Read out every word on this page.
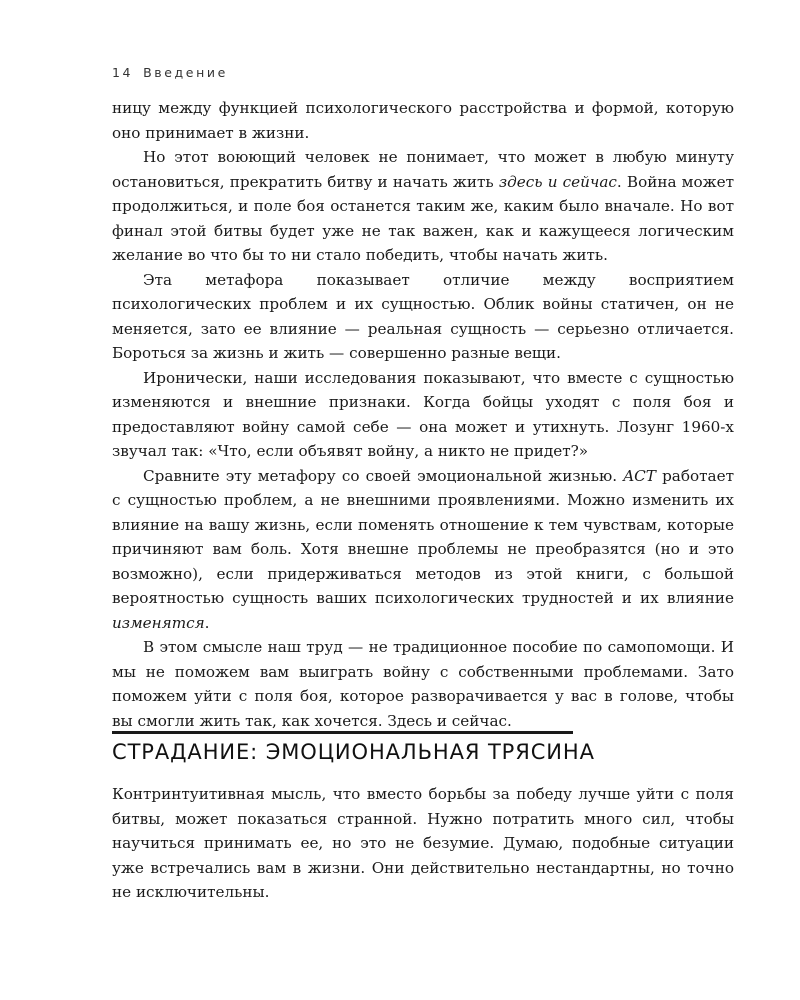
14 Введение

ницу между функцией психологического расстройства и формой, которую оно принимает в жизни.

Но этот воюющий человек не понимает, что может в любую минуту остановиться, прекратить битву и начать жить здесь и сейчас. Война может продолжиться, и поле боя останется таким же, каким было вначале. Но вот финал этой битвы будет уже не так важен, как и кажущееся логическим желание во что бы то ни стало победить, чтобы начать жить.

Эта метафора показывает отличие между восприятием психологических проблем и их сущностью. Облик войны статичен, он не меняется, зато ее влияние — реальная сущность — серьезно отличается. Бороться за жизнь и жить — совершенно разные вещи.

Иронически, наши исследования показывают, что вместе с сущностью изменяются и внешние признаки. Когда бойцы уходят с поля боя и предоставляют войну самой себе — она может и утихнуть. Лозунг 1960-х звучал так: «Что, если объявят войну, а никто не придет?»

Сравните эту метафору со своей эмоциональной жизнью. ACT работает с сущностью проблем, а не внешними проявлениями. Можно изменить их влияние на вашу жизнь, если поменять отношение к тем чувствам, которые причиняют вам боль. Хотя внешне проблемы не преобразятся (но и это возможно), если придерживаться методов из этой книги, с большой вероятностью сущность ваших психологических трудностей и их влияние изменятся.

В этом смысле наш труд — не традиционное пособие по самопомощи. И мы не поможем вам выиграть войну с собственными проблемами. Зато поможем уйти с поля боя, которое разворачивается у вас в голове, чтобы вы смогли жить так, как хочется. Здесь и сейчас.

СТРАДАНИЕ: ЭМОЦИОНАЛЬНАЯ ТРЯСИНА

Контринтуитивная мысль, что вместо борьбы за победу лучше уйти с поля битвы, может показаться странной. Нужно потратить много сил, чтобы научиться принимать ее, но это не безумие. Думаю, подобные ситуации уже встречались вам в жизни. Они действительно нестандартны, но точно не исключительны.
